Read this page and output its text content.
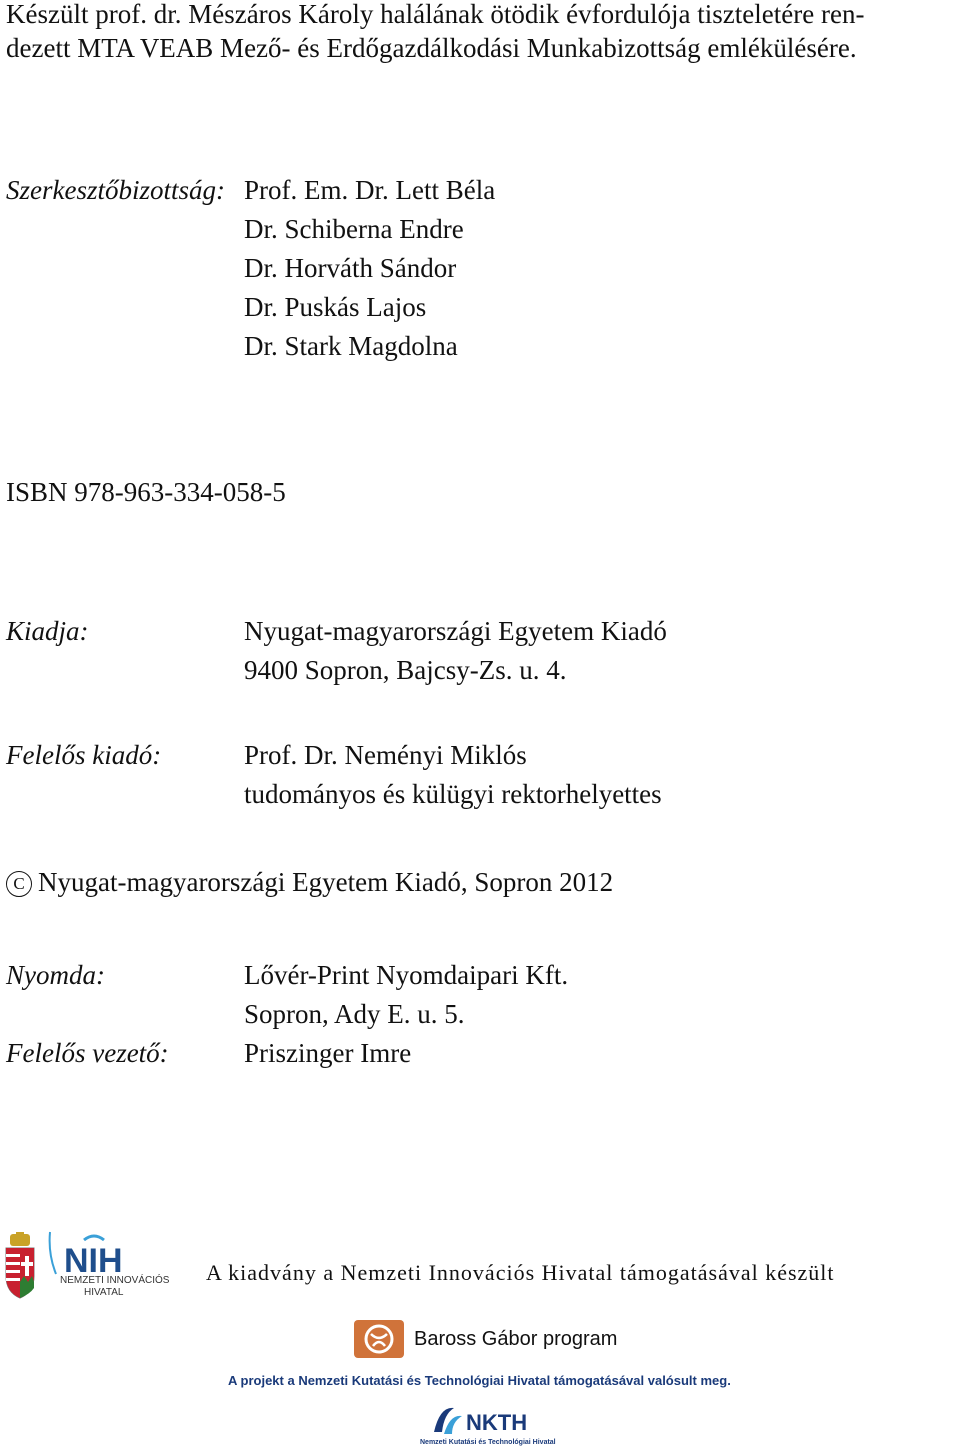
Készült prof. dr. Mészáros Károly halálának ötödik évfordulója tiszteletére ren-
dezett MTA VEAB Mező- és Erdőgazdálkodási Munkabizottság emlékülésére.
Szerkesztőbizottság: Prof. Em. Dr. Lett Béla
Dr. Schiberna Endre
Dr. Horváth Sándor
Dr. Puskás Lajos
Dr. Stark Magdolna
ISBN 978-963-334-058-5
Kiadja:	Nyugat-magyarországi Egyetem Kiadó
9400 Sopron, Bajcsy-Zs. u. 4.
Felelős kiadó:	Prof. Dr. Neményi Miklós
tudományos és külügyi rektorhelyettes
C Nyugat-magyarországi Egyetem Kiadó, Sopron 2012
Nyomda:	Lővér-Print Nyomdaipari Kft.
Sopron, Ady E. u. 5.
Felelős vezető:	Priszinger Imre
NIH
NEMZETI INNOVÁCIÓS
HIVATAL
A kiadvány a Nemzeti Innovációs Hivatal támogatásával készült
Baross Gábor program
A projekt a Nemzeti Kutatási és Technológiai Hivatal támogatásával valósult meg.
NKTH
Nemzeti Kutatási és Technológiai Hivatal
